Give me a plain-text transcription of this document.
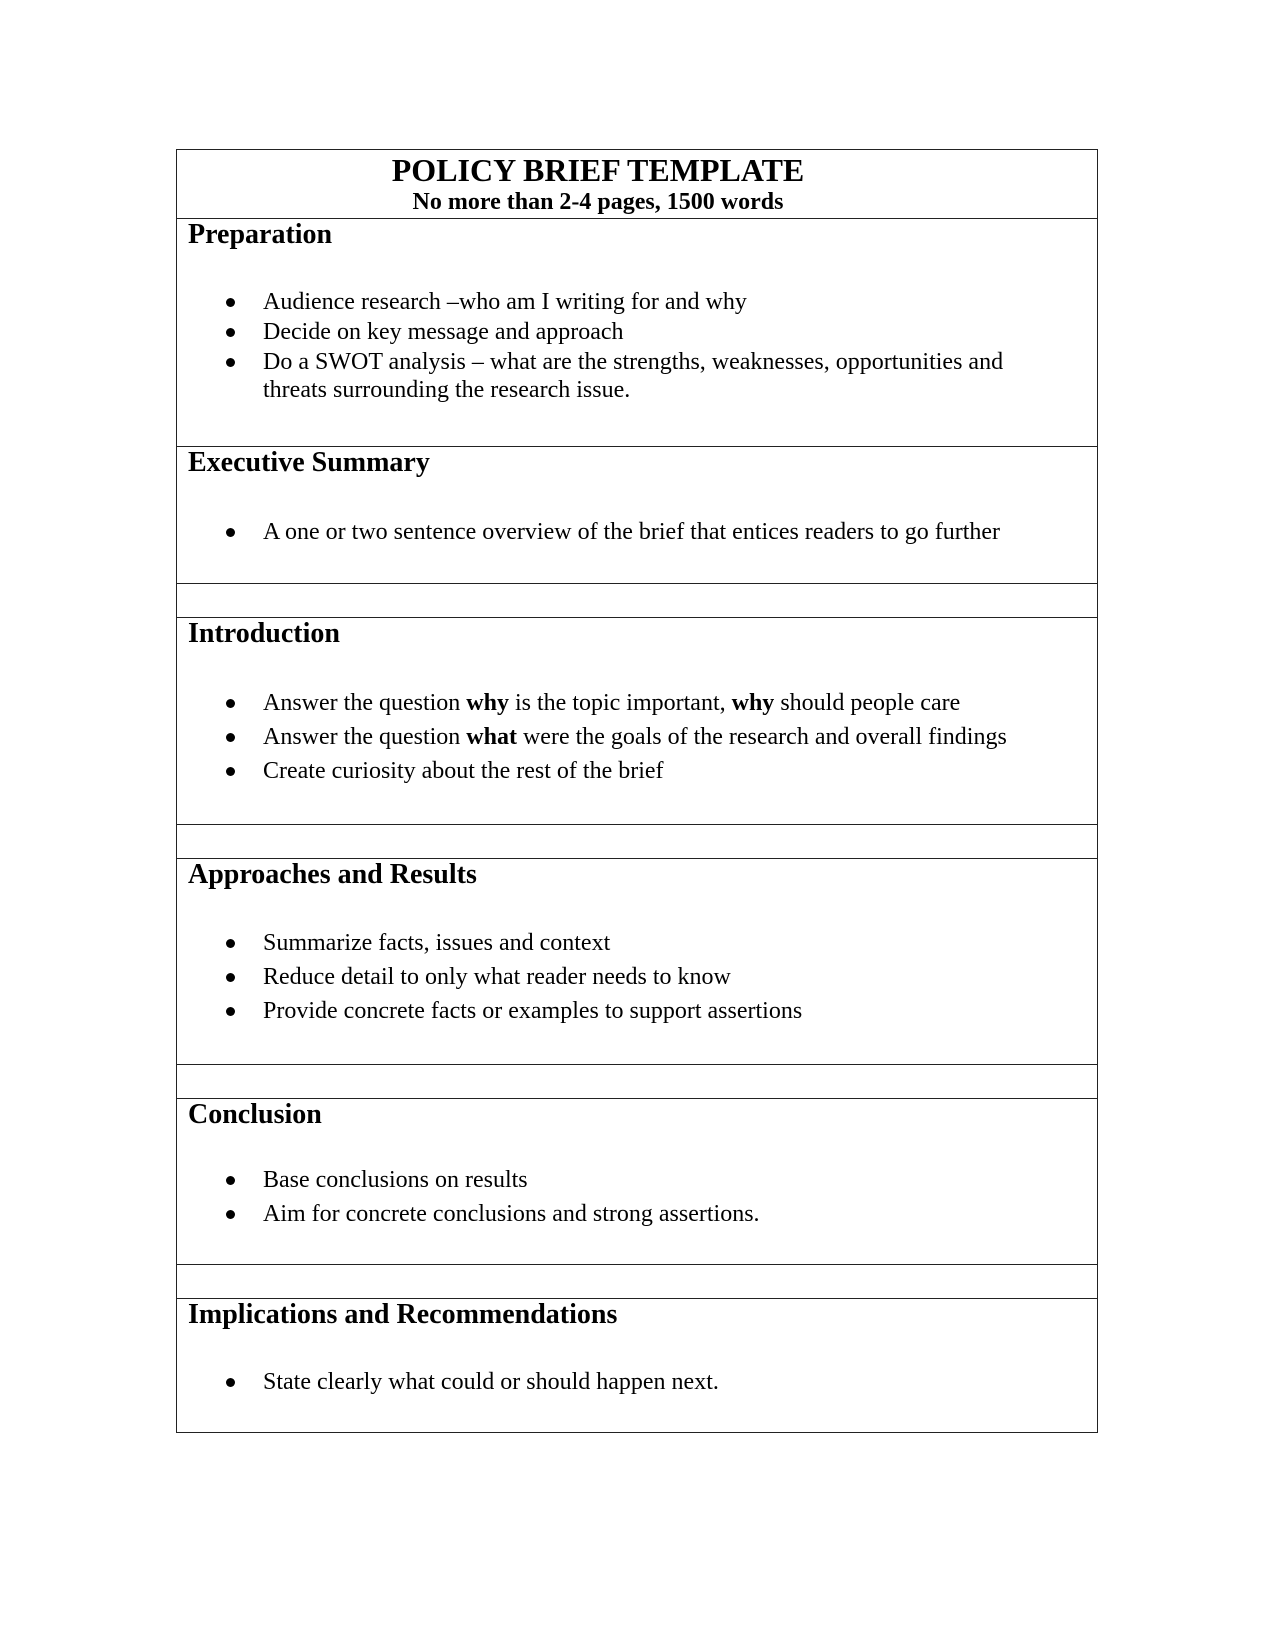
POLICY BRIEF TEMPLATE
No more than 2-4 pages, 1500 words
Preparation
Audience research –who am I writing for and why
Decide on key message and approach
Do a SWOT analysis – what are the strengths, weaknesses, opportunities and threats surrounding the research issue.
Executive Summary
A one or two sentence overview of the brief that entices readers to go further
Introduction
Answer the question why is the topic important, why should people care
Answer the question what were the goals of the research and overall findings
Create curiosity about the rest of the brief
Approaches and Results
Summarize facts, issues and context
Reduce detail to only what reader needs to know
Provide concrete facts or examples to support assertions
Conclusion
Base conclusions on results
Aim for concrete conclusions and strong assertions.
Implications and Recommendations
State clearly what could or should happen next.
